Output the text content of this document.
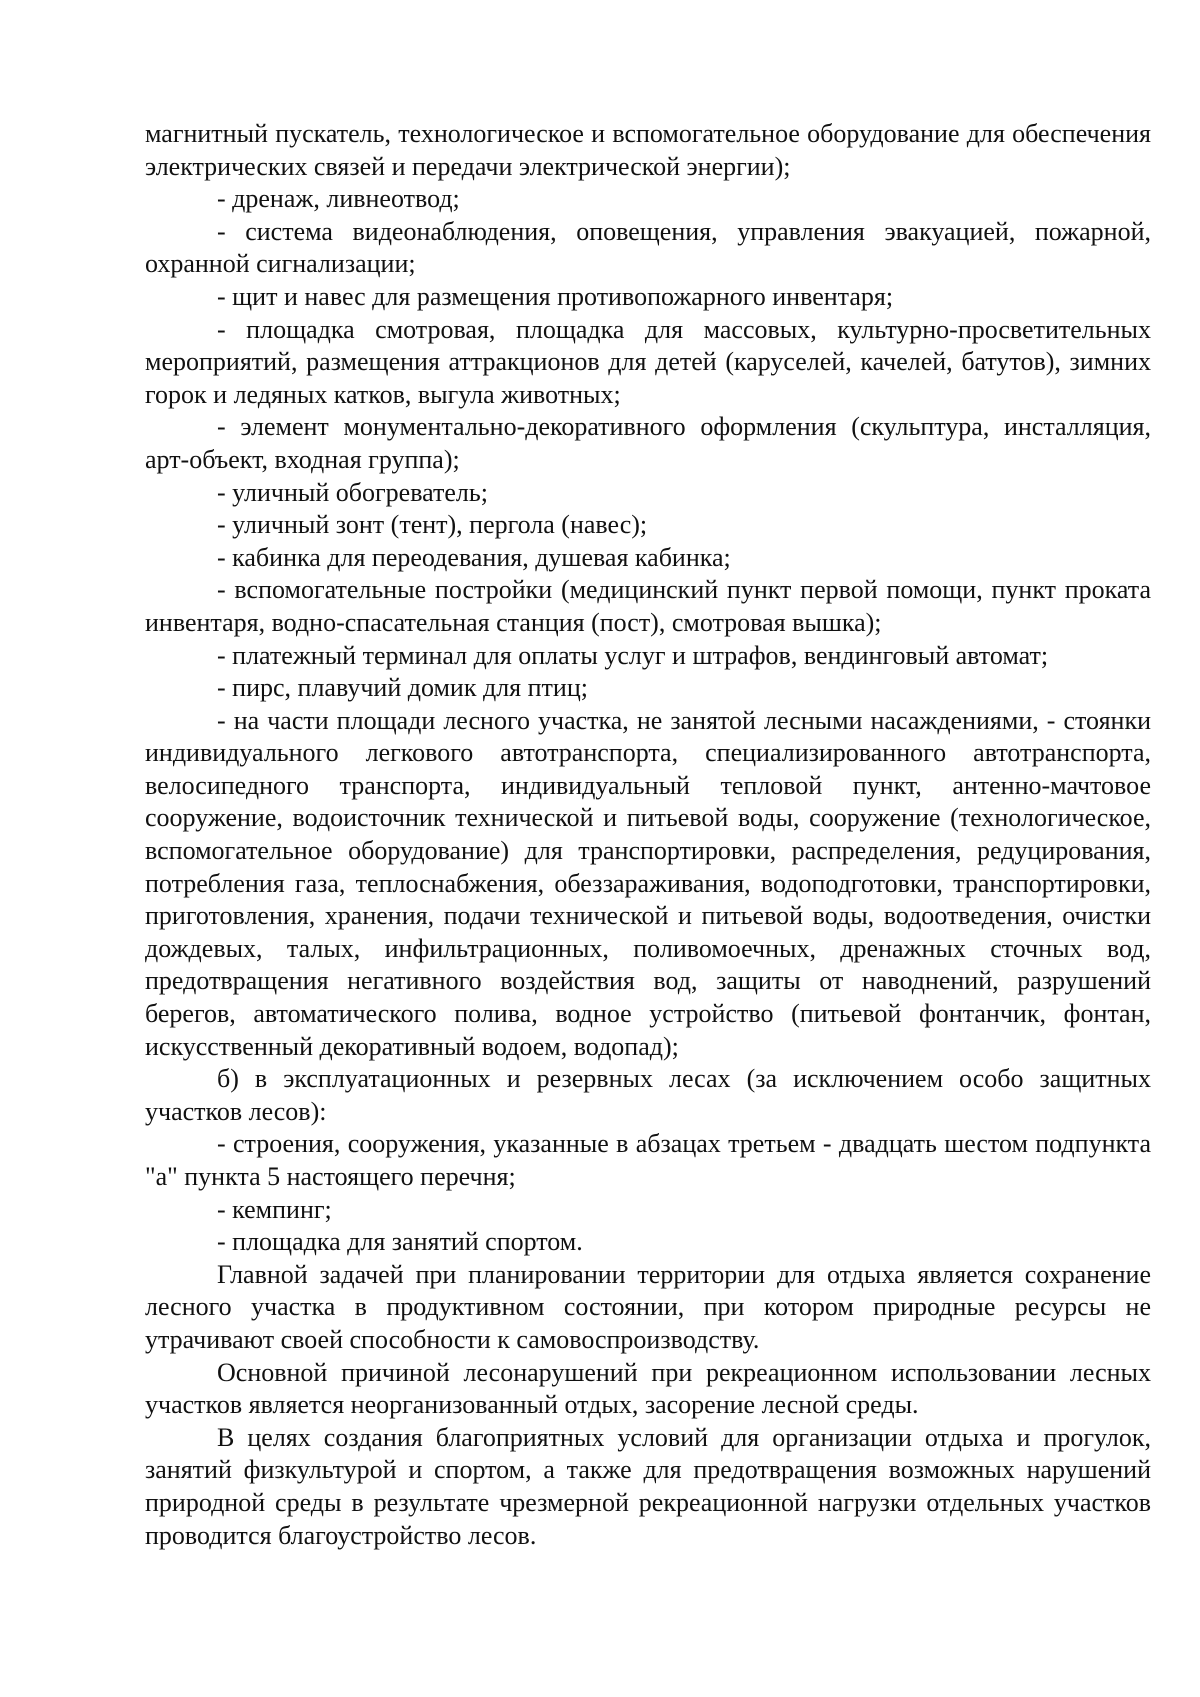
магнитный пускатель, технологическое и вспомогательное оборудование для обеспечения электрических связей и передачи электрической энергии);

- дренаж, ливнеотвод;

- система видеонаблюдения, оповещения, управления эвакуацией, пожарной, охранной сигнализации;

- щит и навес для размещения противопожарного инвентаря;

- площадка смотровая, площадка для массовых, культурно-просветительных мероприятий, размещения аттракционов для детей (каруселей, качелей, батутов), зимних горок и ледяных катков, выгула животных;

- элемент монументально-декоративного оформления (скульптура, инсталляция, арт-объект, входная группа);

- уличный обогреватель;

- уличный зонт (тент), пергола (навес);

- кабинка для переодевания, душевая кабинка;

- вспомогательные постройки (медицинский пункт первой помощи, пункт проката инвентаря, водно-спасательная станция (пост), смотровая вышка);

- платежный терминал для оплаты услуг и штрафов, вендинговый автомат;

- пирс, плавучий домик для птиц;

- на части площади лесного участка, не занятой лесными насаждениями, - стоянки индивидуального легкового автотранспорта, специализированного автотранспорта, велосипедного транспорта, индивидуальный тепловой пункт, антенно-мачтовое сооружение, водоисточник технической и питьевой воды, сооружение (технологическое, вспомогательное оборудование) для транспортировки, распределения, редуцирования, потребления газа, теплоснабжения, обеззараживания, водоподготовки, транспортировки, приготовления, хранения, подачи технической и питьевой воды, водоотведения, очистки дождевых, талых, инфильтрационных, поливомоечных, дренажных сточных вод, предотвращения негативного воздействия вод, защиты от наводнений, разрушений берегов, автоматического полива, водное устройство (питьевой фонтанчик, фонтан, искусственный декоративный водоем, водопад);

б) в эксплуатационных и резервных лесах (за исключением особо защитных участков лесов):

- строения, сооружения, указанные в абзацах третьем - двадцать шестом подпункта "а" пункта 5 настоящего перечня;

- кемпинг;

- площадка для занятий спортом.

Главной задачей при планировании территории для отдыха является сохранение лесного участка в продуктивном состоянии, при котором природные ресурсы не утрачивают своей способности к самовоспроизводству.

Основной причиной лесонарушений при рекреационном использовании лесных участков является неорганизованный отдых, засорение лесной среды.

В целях создания благоприятных условий для организации отдыха и прогулок, занятий физкультурой и спортом, а также для предотвращения возможных нарушений природной среды в результате чрезмерной рекреационной нагрузки отдельных участков проводится благоустройство лесов.
